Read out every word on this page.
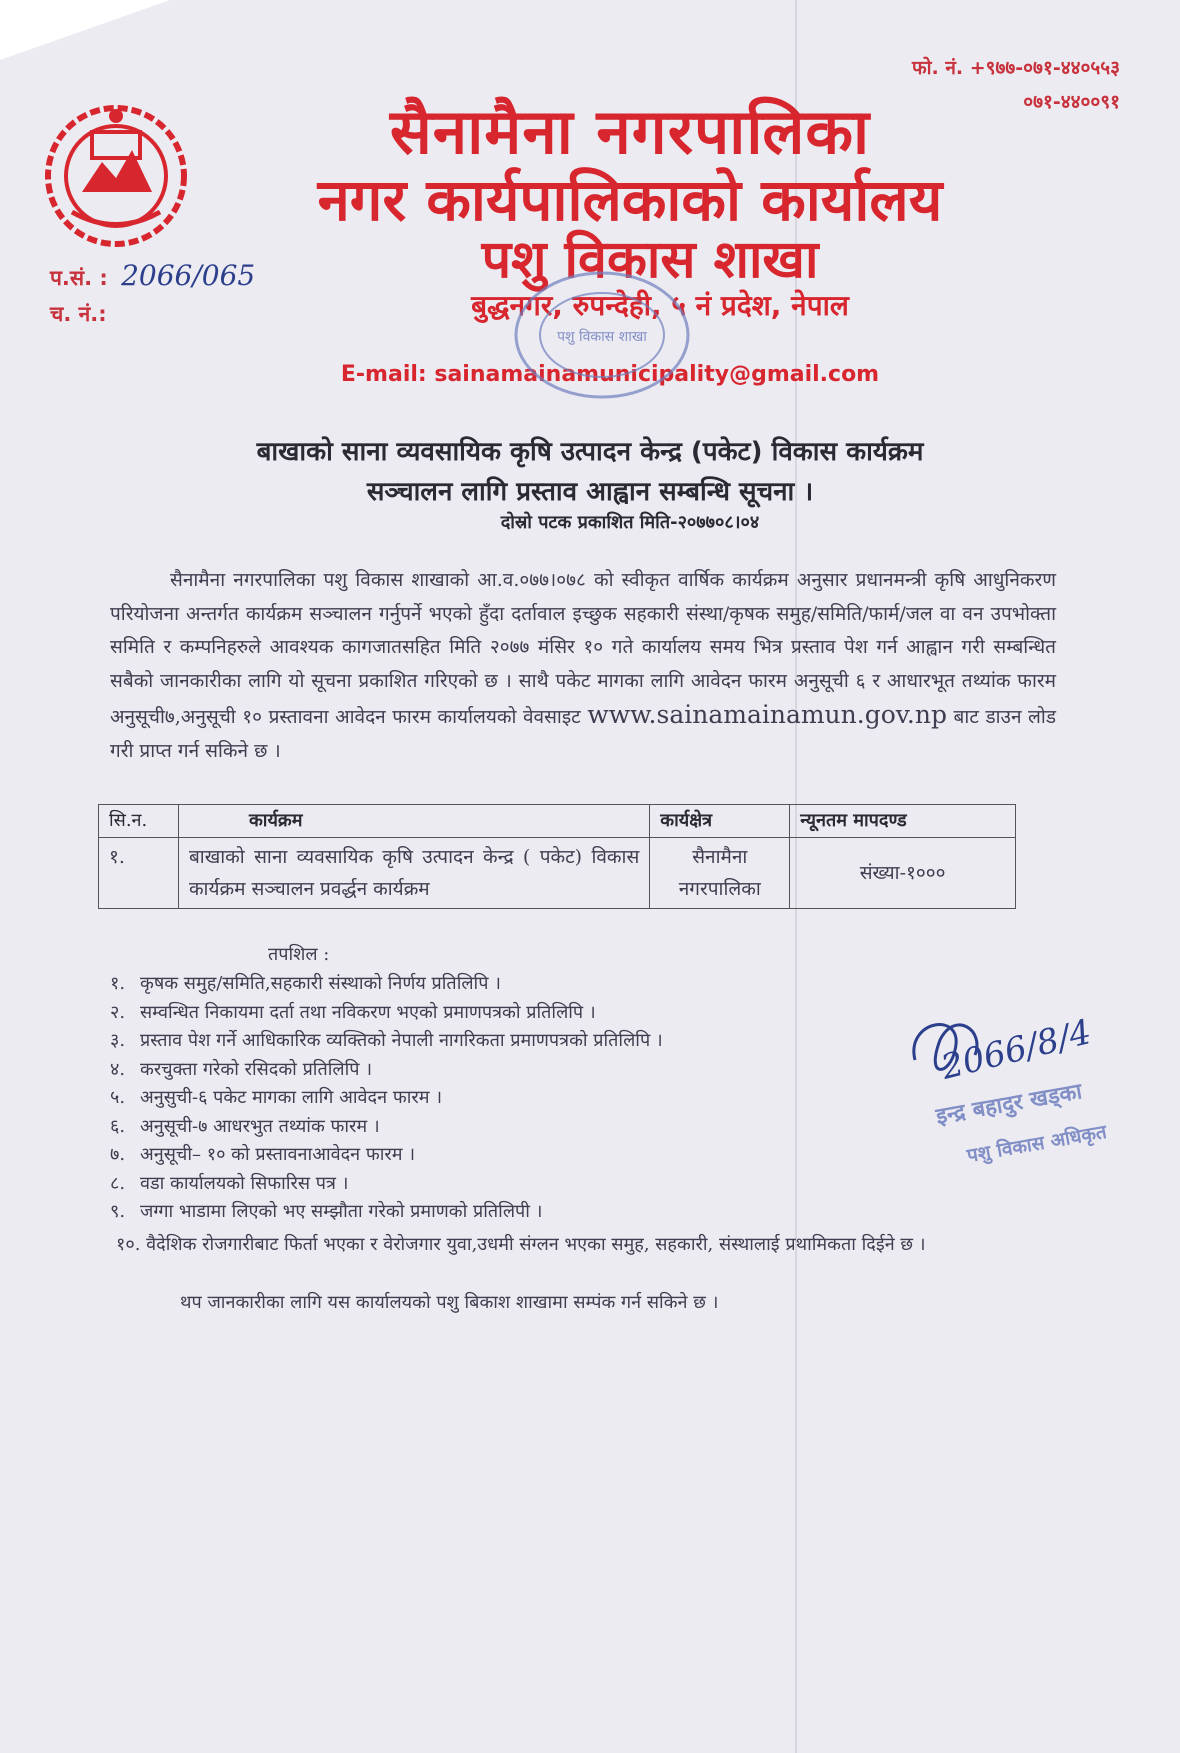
फो. नं. +९७७-०७१-४४०५५३
०७१-४४००९१
प.सं. : 2066/065
च. नं.:
सैनामैना नगरपालिका
नगर कार्यपालिकाको कार्यालय
पशु विकास शाखा
बुद्धनगर, रुपन्देही, ५ नं प्रदेश, नेपाल
E-mail: sainamainamunicipality@gmail.com
पशु विकास शाखा
बाखाको साना व्यवसायिक कृषि उत्पादन केन्द्र (पकेट) विकास कार्यक्रम
सञ्चालन लागि प्रस्ताव आह्वान सम्बन्धि सूचना ।
दोस्रो पटक प्रकाशित मिति-२०७७०८।०४
सैनामैना नगरपालिका पशु विकास शाखाको आ.व.०७७।०७८ को स्वीकृत वार्षिक कार्यक्रम अनुसार प्रधानमन्त्री कृषि आधुनिकरण परियोजना अन्तर्गत कार्यक्रम सञ्चालन गर्नुपर्ने भएको हुँदा दर्तावाल इच्छुक सहकारी संस्था/कृषक समुह/समिति/फार्म/जल वा वन उपभोक्ता समिति र कम्पनिहरुले आवश्यक कागजातसहित मिति २०७७ मंसिर १० गते कार्यालय समय भित्र प्रस्ताव पेश गर्न आह्वान गरी सम्बन्धित सबैको जानकारीका लागि यो सूचना प्रकाशित गरिएको छ । साथै पकेट मागका लागि आवेदन फारम अनुसूची ६ र आधारभूत तथ्यांक फारम अनुसूची७,अनुसूची १० प्रस्तावना आवेदन फारम कार्यालयको वेवसाइट www.sainamainamun.gov.np बाट डाउन लोड गरी प्राप्त गर्न सकिने छ ।
सि.न.	कार्यक्रम	कार्यक्षेत्र	न्यूनतम मापदण्ड
१.	बाखाको साना व्यवसायिक कृषि उत्पादन केन्द्र ( पकेट) विकास कार्यक्रम सञ्चालन प्रवर्द्धन कार्यक्रम	सैनामैना नगरपालिका	संख्या-१०००
तपशिल :
१. कृषक समुह/समिति,सहकारी संस्थाको निर्णय प्रतिलिपि ।
२. सम्वन्धित निकायमा दर्ता तथा नविकरण भएको प्रमाणपत्रको प्रतिलिपि ।
३. प्रस्ताव पेश गर्ने आधिकारिक व्यक्तिको नेपाली नागरिकता प्रमाणपत्रको प्रतिलिपि ।
४. करचुक्ता गरेको रसिदको प्रतिलिपि ।
५. अनुसुची-६ पकेट मागका लागि आवेदन फारम ।
६. अनुसूची-७ आधरभुत तथ्यांक फारम ।
७. अनुसूची– १० को प्रस्तावनाआवेदन फारम ।
८. वडा कार्यालयको सिफारिस पत्र ।
९. जग्गा भाडामा लिएको भए सम्झौता गरेको प्रमाणको प्रतिलिपी ।
१०. वैदेशिक रोजगारीबाट फिर्ता भएका र वेरोजगार युवा,उधमी संग्लन भएका समुह, सहकारी, संस्थालाई प्रथामिकता दिईने छ ।
थप जानकारीका लागि यस कार्यालयको पशु बिकाश शाखामा सम्पंक गर्न सकिने छ ।
2066/8/4
इन्द्र बहादुर खड्का
पशु विकास अधिकृत
